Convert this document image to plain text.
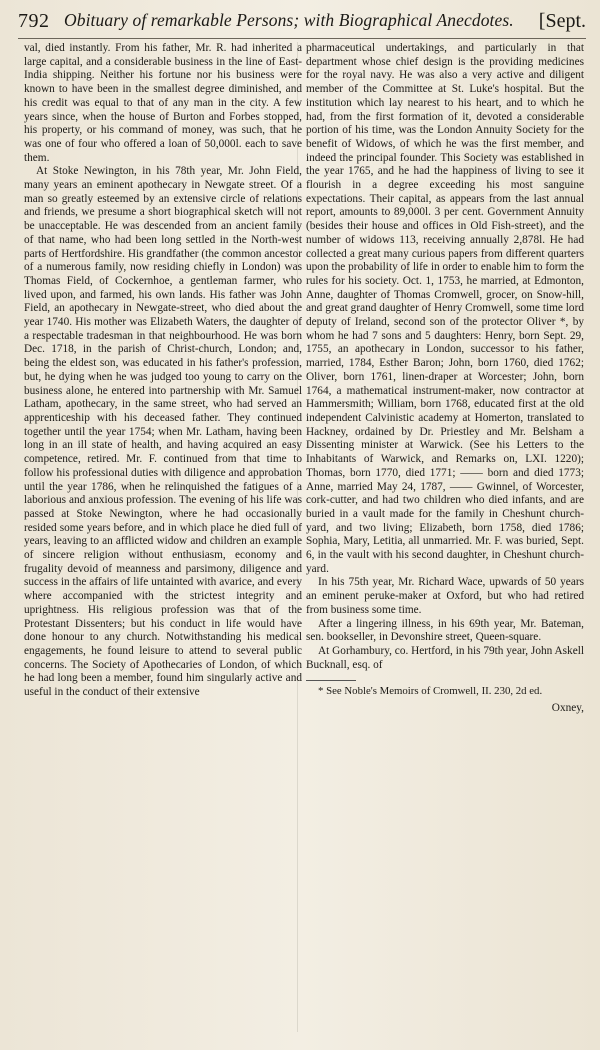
792 Obituary of remarkable Persons; with Biographical Anecdotes. [Sept.

val, died instantly. From his father, Mr. R. had inherited a large capital, and a considerable business in the line of East-India shipping. Neither his fortune nor his business were known to have been in the smallest degree diminished, and his credit was equal to that of any man in the city. A few years since, when the house of Burton and Forbes stopped, his property, or his command of money, was such, that he was one of four who offered a loan of 50,000l. each to save them.

At Stoke Newington, in his 78th year, Mr. John Field, many years an eminent apothecary in Newgate street. Of a man so greatly esteemed by an extensive circle of relations and friends, we presume a short biographical sketch will not be unacceptable. He was descended from an ancient family of that name, who had been long settled in the North-west parts of Hertfordshire. His grandfather (the common ancestor of a numerous family, now residing chiefly in London) was Thomas Field, of Cockernhoe, a gentleman farmer, who lived upon, and farmed, his own lands. His father was John Field, an apothecary in Newgate-street, who died about the year 1740. His mother was Elizabeth Waters, the daughter of a respectable tradesman in that neighbourhood. He was born Dec. 1718, in the parish of Christ-church, London; and, being the eldest son, was educated in his father's profession, but, he dying when he was judged too young to carry on the business alone, he entered into partnership with Mr. Samuel Latham, apothecary, in the same street, who had served an apprenticeship with his deceased father. They continued together until the year 1754; when Mr. Latham, having been long in an ill state of health, and having acquired an easy competence, retired. Mr. F. continued from that time to follow his professional duties with diligence and approbation until the year 1786, when he relinquished the fatigues of a laborious and anxious profession. The evening of his life was passed at Stoke Newington, where he had occasionally resided some years before, and in which place he died full of years, leaving to an afflicted widow and children an example of sincere religion without enthusiasm, economy and frugality devoid of meanness and parsimony, diligence and success in the affairs of life untainted with avarice, and every where accompanied with the strictest integrity and uprightness. His religious profession was that of the Protestant Dissenters; but his conduct in life would have done honour to any church. Notwithstanding his medical engagements, he found leisure to attend to several public concerns. The Society of Apothecaries of London, of which he had long been a member, found him singularly active and useful in the conduct of their extensive

pharmaceutical undertakings, and particularly in that department whose chief design is the providing medicines for the royal navy. He was also a very active and diligent member of the Committee at St. Luke's hospital. But the institution which lay nearest to his heart, and to which he had, from the first formation of it, devoted a considerable portion of his time, was the London Annuity Society for the benefit of Widows, of which he was the first member, and indeed the principal founder. This Society was established in the year 1765, and he had the happiness of living to see it flourish in a degree exceeding his most sanguine expectations. Their capital, as appears from the last annual report, amounts to 89,000l. 3 per cent. Government Annuity (besides their house and offices in Old Fish-street), and the number of widows 113, receiving annually 2,878l. He had collected a great many curious papers from different quarters upon the probability of life in order to enable him to form the rules for his society. Oct. 1, 1753, he married, at Edmonton, Anne, daughter of Thomas Cromwell, grocer, on Snow-hill, and great grand daughter of Henry Cromwell, some time lord deputy of Ireland, second son of the protector Oliver *, by whom he had 7 sons and 5 daughters: Henry, born Sept. 29, 1755, an apothecary in London, successor to his father, married, 1784, Esther Baron; John, born 1760, died 1762; Oliver, born 1761, linen-draper at Worcester; John, born 1764, a mathematical instrument-maker, now contractor at Hammersmith; William, born 1768, educated first at the old independent Calvinistic academy at Homerton, translated to Hackney, ordained by Dr. Priestley and Mr. Belsham a Dissenting minister at Warwick. (See his Letters to the Inhabitants of Warwick, and Remarks on, LXI. 1220); Thomas, born 1770, died 1771; —— born and died 1773; Anne, married May 24, 1787, —— Gwinnel, of Worcester, cork-cutter, and had two children who died infants, and are buried in a vault made for the family in Cheshunt church-yard, and two living; Elizabeth, born 1758, died 1786; Sophia, Mary, Letitia, all unmarried. Mr. F. was buried, Sept. 6, in the vault with his second daughter, in Cheshunt church-yard.

In his 75th year, Mr. Richard Wace, upwards of 50 years an eminent peruke-maker at Oxford, but who had retired from business some time.

After a lingering illness, in his 69th year, Mr. Bateman, sen. bookseller, in Devonshire street, Queen-square.

At Gorhambury, co. Hertford, in his 79th year, John Askell Bucknall, esq. of

* See Noble's Memoirs of Cromwell, II. 230, 2d ed.

Oxney,
